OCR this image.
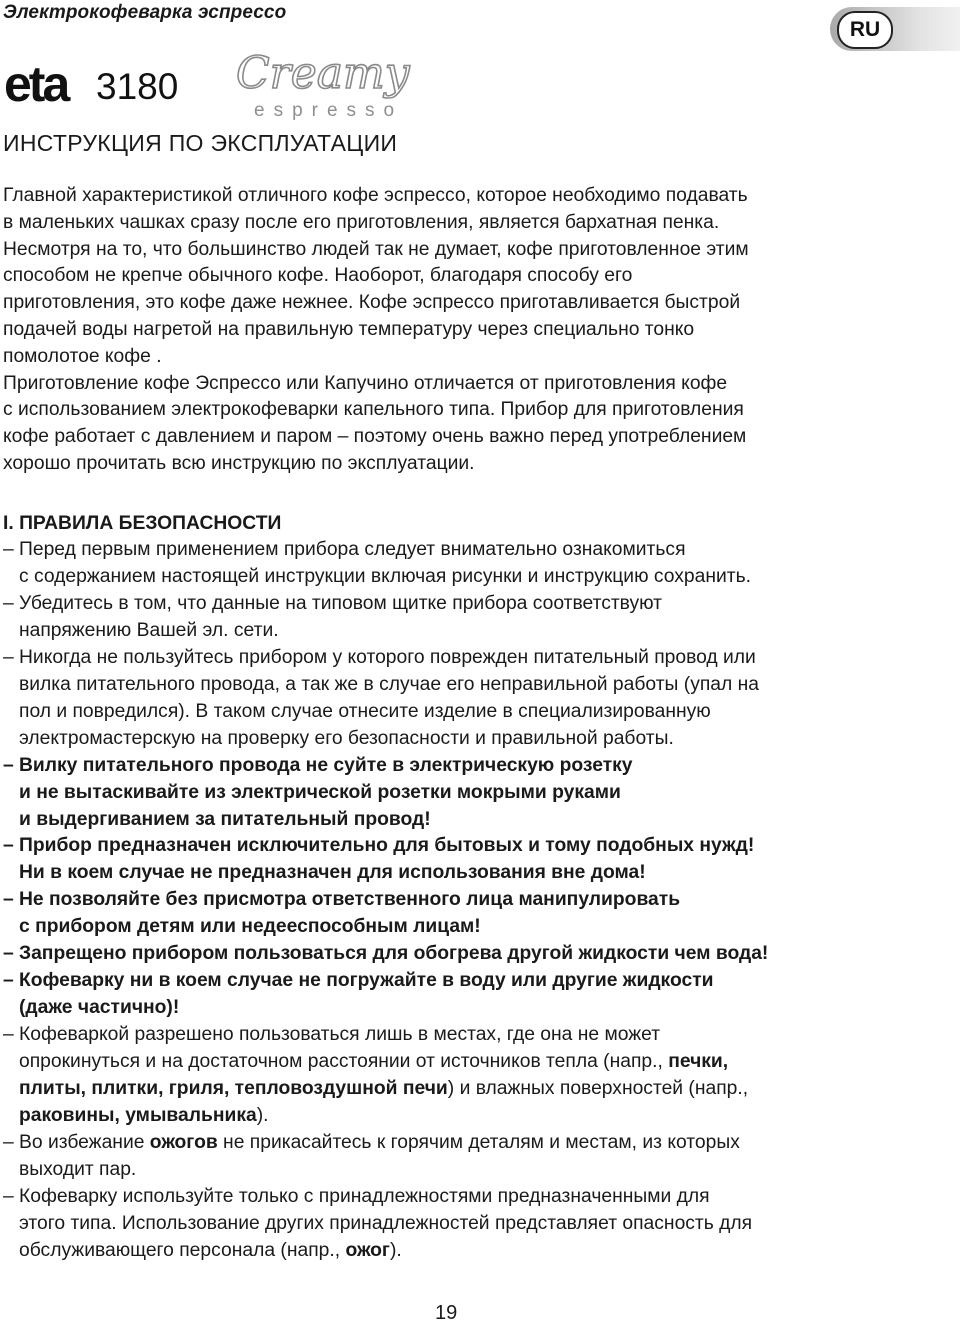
Электрокофеварка эспрессо
RU
eta 3180 Creamy
espresso
ИНСТРУКЦИЯ ПО ЭКСПЛУАТАЦИИ

Главной характеристикой отличного кофе эспрессо, которое необходимо подавать

в маленьких чашках сразу после его приготовления, является бархатная пенка.

Несмотря на то, что большинство людей так не думает, кофе приготовленное этим

способом не крепче обычного кофе. Наоборот, благодаря способу его

приготовления, это кофе даже нежнее. Кофе эспрессо приготавливается быстрой

подачей воды нагретой на правильную температуру через специально тонко

помолотое кофе .

Приготовление кофе Эспрессо или Капучино отличается от приготовления кофе

с использованием электрокофеварки капельного типа. Прибор для приготовления

кофе работает с давлением и паром – поэтому очень важно перед употреблением

хорошо прочитать всю инструкцию по эксплуатации.

I. ПРАВИЛА БЕЗОПАСНОСТИ
– Перед первым применением прибора следует внимательно ознакомиться
с содержанием настоящей инструкции включая рисунки и инструкцию сохранить.
– Убедитесь в том, что данные на типовом щитке прибора соответствуют
напряжению Вашей эл. сети.
– Никогда не пользуйтесь прибором у которого поврежден питательный провод или
вилка питательного провода, а так же в случае его неправильной работы (упал на
пол и повредился). В таком случае отнесите изделие в специализированную
электромастерскую на проверку его безопасности и правильной работы.
– Вилку питательного провода не суйте в электрическую розетку
и не вытаскивайте из электрической розетки мокрыми руками
и выдергиванием за питательный провод!
– Прибор предназначен исключительно для бытовых и тому подобных нужд!
Ни в коем случае не предназначен для использования вне дома!
– Не позволяйте без присмотра ответственного лица манипулировать
с прибором детям или недееспособным лицам!
– Запрещено прибором пользоваться для обогрева другой жидкости чем вода!
– Кофеварку ни в коем случае не погружайте в воду или другие жидкости
(даже частично)!
– Кофеваркой разрешено пользоваться лишь в местах, где она не может
опрокинуться и на достаточном расстоянии от источников тепла (напр., печки,
плиты, плитки, гриля, тепловоздушной печи) и влажных поверхностей (напр.,
раковины, умывальника).
– Во избежание ожогов не прикасайтесь к горячим деталям и местам, из которых
выходит пар.
– Кофеварку используйте только с принадлежностями предназначенными для
этого типа. Использование других принадлежностей представляет опасность для
обслуживающего персонала (напр., ожог).
19
